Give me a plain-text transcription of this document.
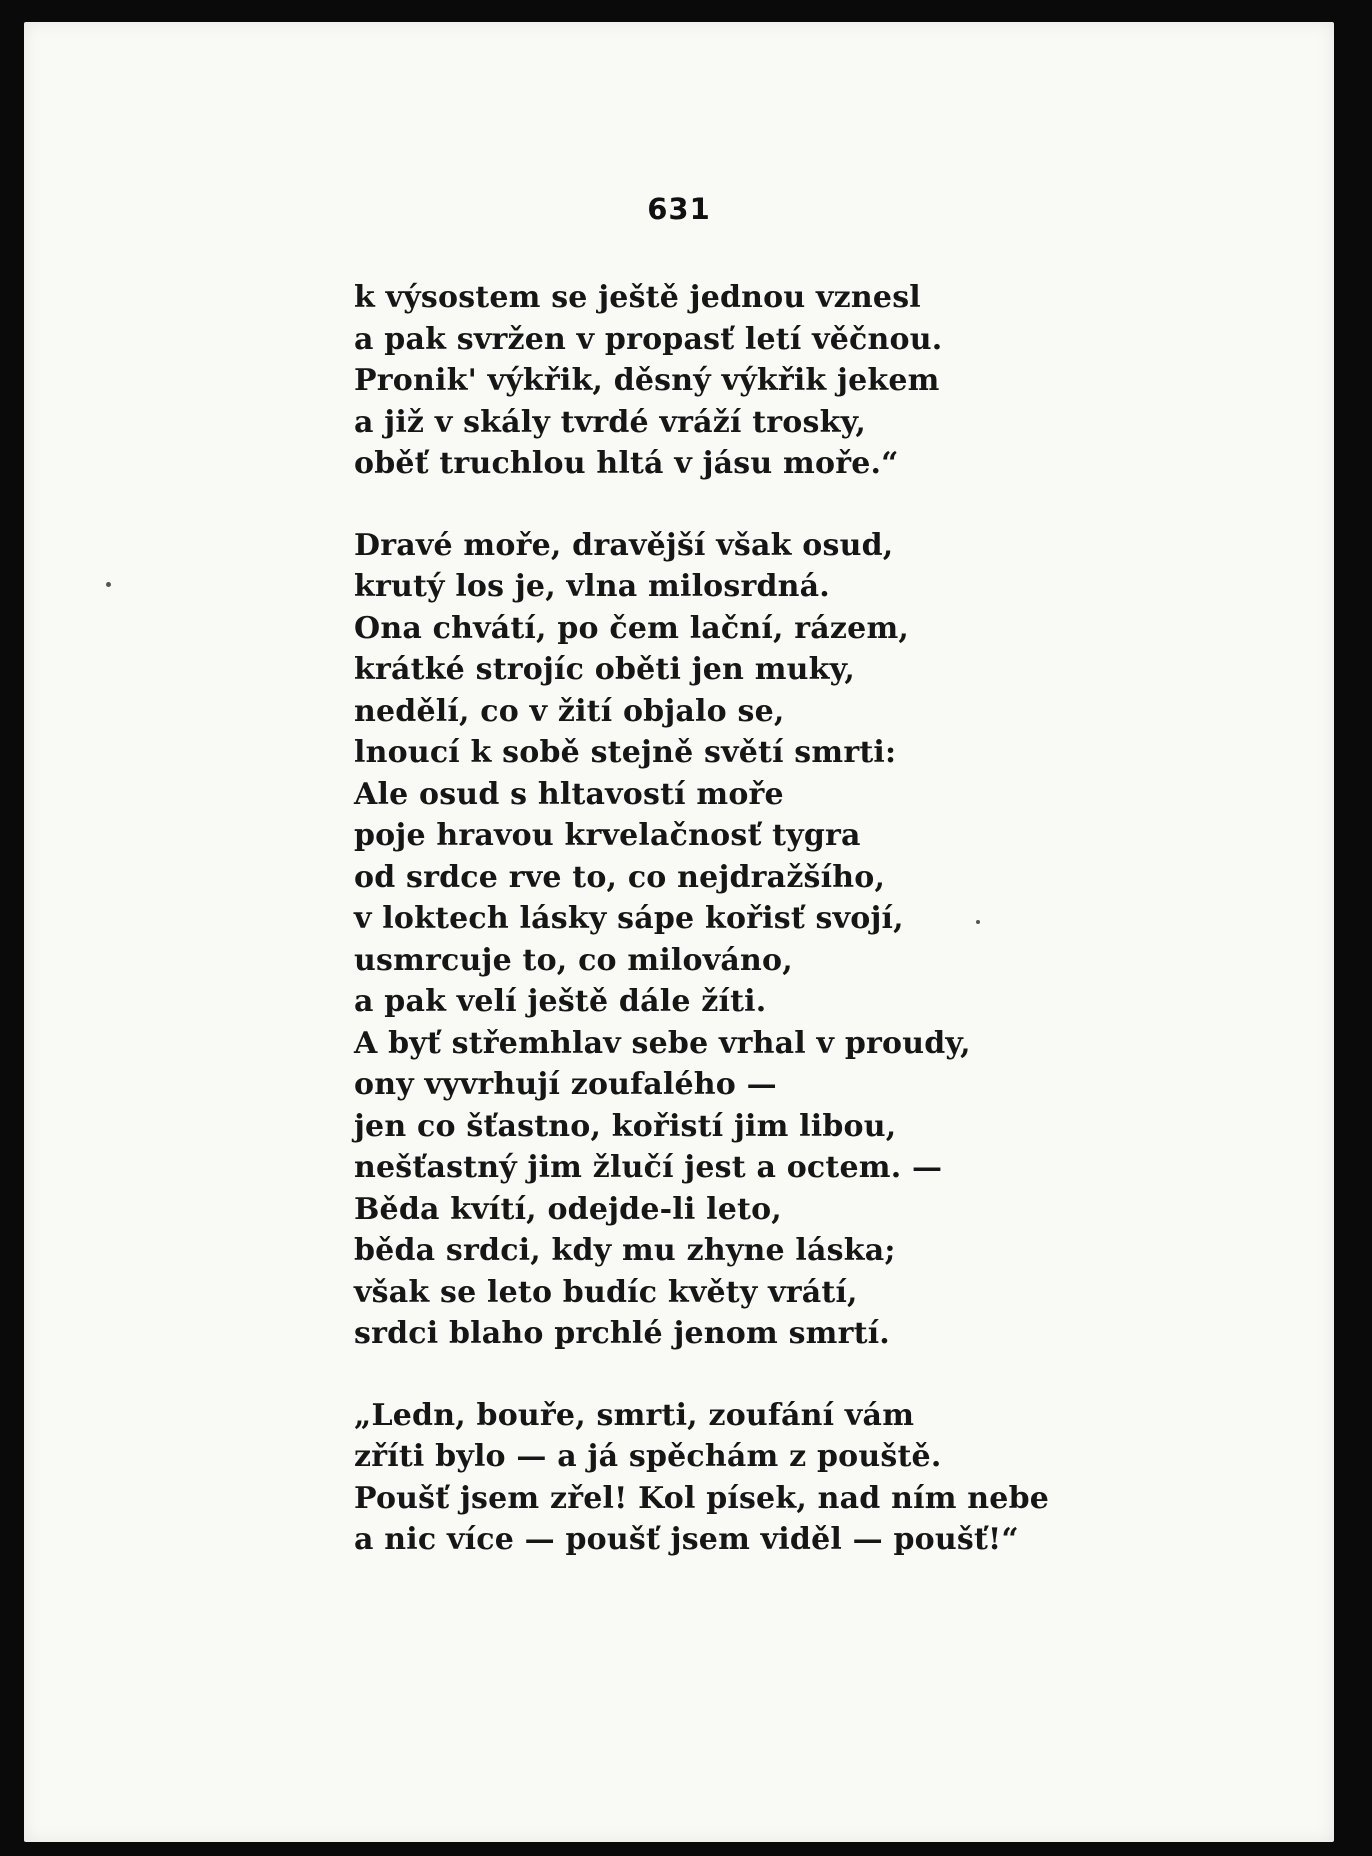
631
k výsostem se ještě jednou vznesl
a pak svržen v propasť letí věčnou.
Pronik' výkřik, děsný výkřik jekem
a již v skály tvrdé vráží trosky,
oběť truchlou hltá v jásu moře.“
Dravé moře, dravější však osud,
krutý los je, vlna milosrdná.
Ona chvátí, po čem lační, rázem,
krátké strojíc oběti jen muky,
nedělí, co v žití objalo se,
lnoucí k sobě stejně světí smrti:
Ale osud s hltavostí moře
poje hravou krvelačnosť tygra
od srdce rve to, co nejdražšího,
v loktech lásky sápe kořisť svojí,
usmrcuje to, co milováno,
a pak velí ještě dále žíti.
A byť střemhlav sebe vrhal v proudy,
ony vyvrhují zoufalého —
jen co šťastno, kořistí jim libou,
nešťastný jim žlučí jest a octem. —
Běda kvítí, odejde-li leto,
běda srdci, kdy mu zhyne láska;
však se leto budíc květy vrátí,
srdci blaho prchlé jenom smrtí.
„Ledn, bouře, smrti, zoufání vám
zříti bylo — a já spěchám z pouště.
Poušť jsem zřel! Kol písek, nad ním nebe
a nic více — poušť jsem viděl — poušť!“
